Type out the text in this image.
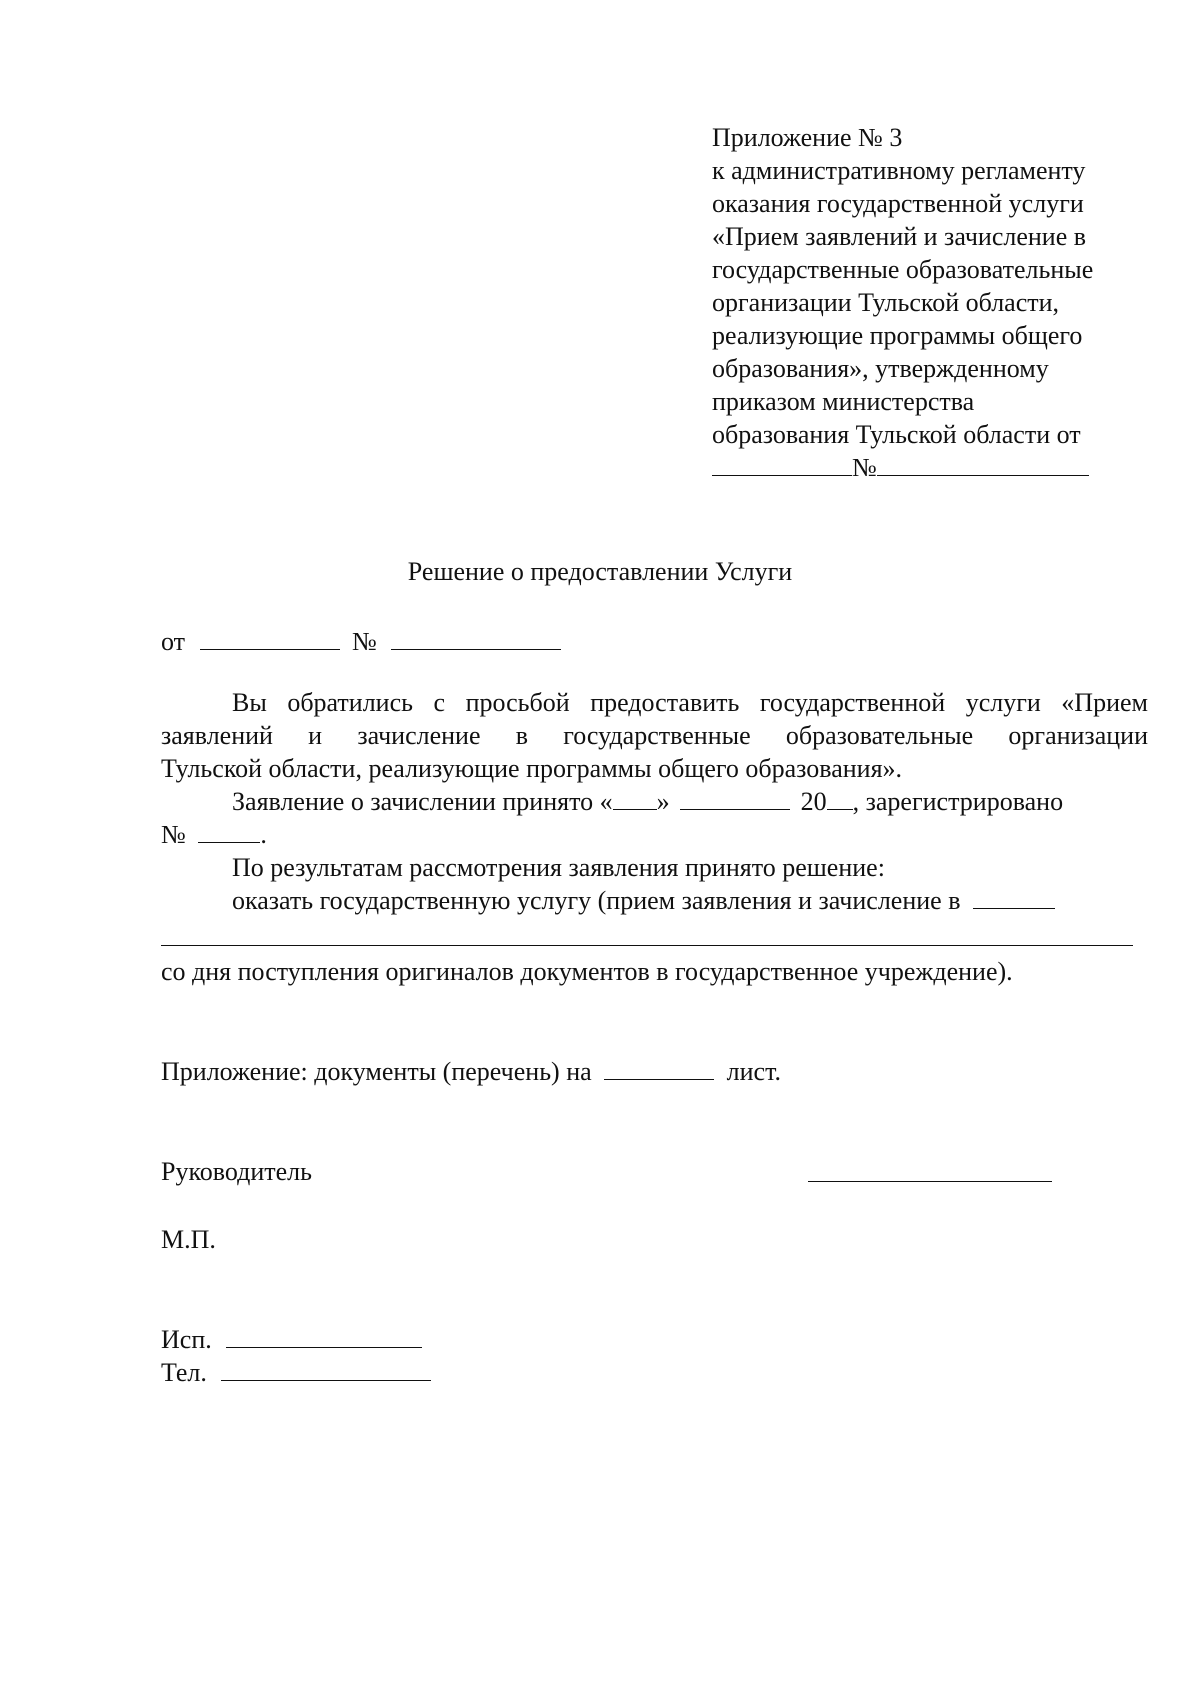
Приложение № 3
к административному регламенту
оказания государственной услуги
«Прием заявлений и зачисление в
государственные образовательные
организации Тульской области,
реализующие программы общего
образования», утвержденному
приказом министерства
образования Тульской области от
№
Решение о предоставлении Услуги
от	№
Вы обратились с просьбой предоставить государственной услуги «Прием
заявлений и зачисление в государственные образовательные организации
Тульской области, реализующие программы общего образования».
Заявление о зачислении принято « »	20 , зарегистрировано
№	.
По результатам рассмотрения заявления принято решение:
оказать государственную услугу (прием заявления и зачисление в
со дня поступления оригиналов документов в государственное учреждение).
Приложение: документы (перечень) на	лист.
Руководитель
М.П.
Исп.
Тел.
